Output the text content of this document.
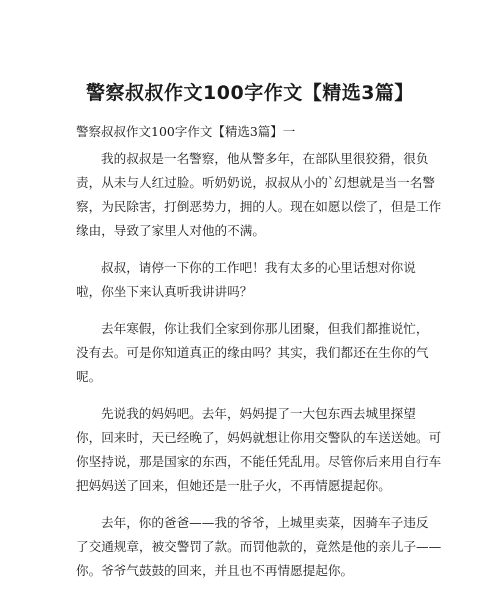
警察叔叔作文100字作文【精选3篇】
警察叔叔作文100字作文【精选3篇】一
我的叔叔是一名警察，他从警多年，在部队里很狡猾，很负
责，从未与人红过脸。听奶奶说，叔叔从小的`幻想就是当一名警
察，为民除害，打倒恶势力，拥的人。现在如愿以偿了，但是工作
缘由，导致了家里人对他的不满。
叔叔，请停一下你的工作吧！我有太多的心里话想对你说
啦，你坐下来认真听我讲讲吗？
去年寒假，你让我们全家到你那儿团聚，但我们都推说忙，
没有去。可是你知道真正的缘由吗？其实，我们都还在生你的气
呢。
先说我的妈妈吧。去年，妈妈提了一大包东西去城里探望
你，回来时，天已经晚了，妈妈就想让你用交警队的车送送她。可
你坚持说，那是国家的东西，不能任凭乱用。尽管你后来用自行车
把妈妈送了回来，但她还是一肚子火，不再情愿提起你。
去年，你的爸爸——我的爷爷，上城里卖菜，因骑车子违反
了交通规章，被交警罚了款。而罚他款的，竟然是他的亲儿子——
你。爷爷气鼓鼓的回来，并且也不再情愿提起你。
